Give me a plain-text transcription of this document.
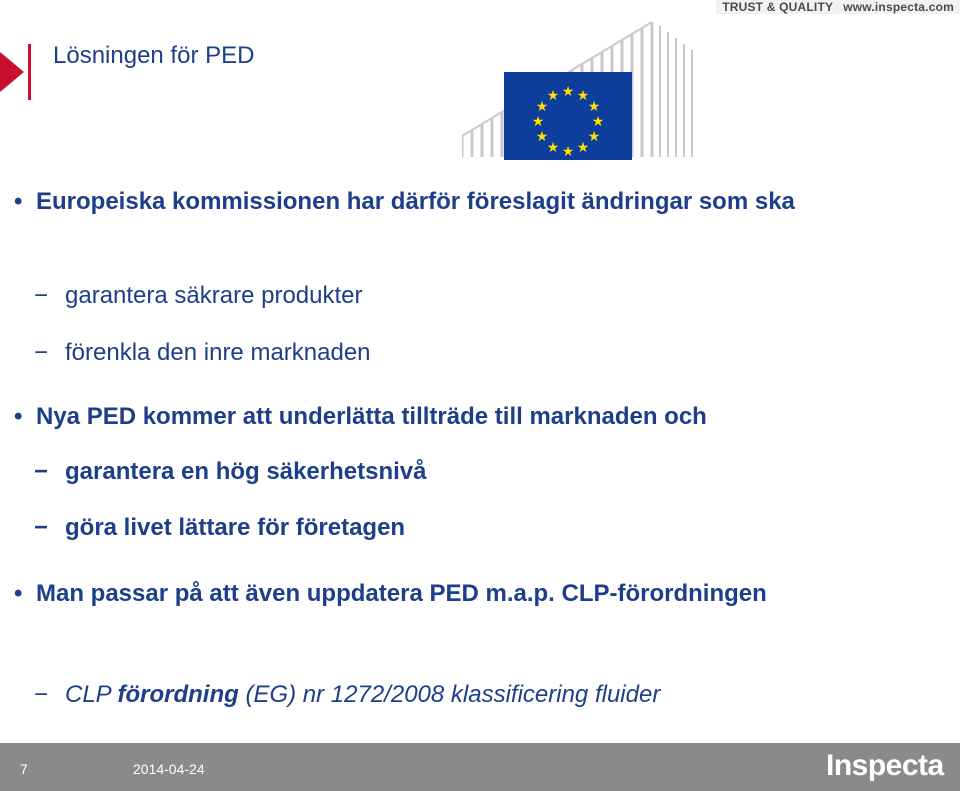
TRUST & QUALITY www.inspecta.com
Lösningen för PED
★ ★
★
★
★
★
★
★
★
★
★
★
• Europeiska kommissionen har därför föreslagit ändringar som ska
− garantera säkrare produkter
− förenkla den inre marknaden
• Nya PED kommer att underlätta tillträde till marknaden och
− garantera en hög säkerhetsnivå
− göra livet lättare för företagen
• Man passar på att även uppdatera PED m.a.p. CLP-förordningen
− CLP förordning (EG) nr 1272/2008 klassificering fluider
7	2014-04-24	Inspecta
